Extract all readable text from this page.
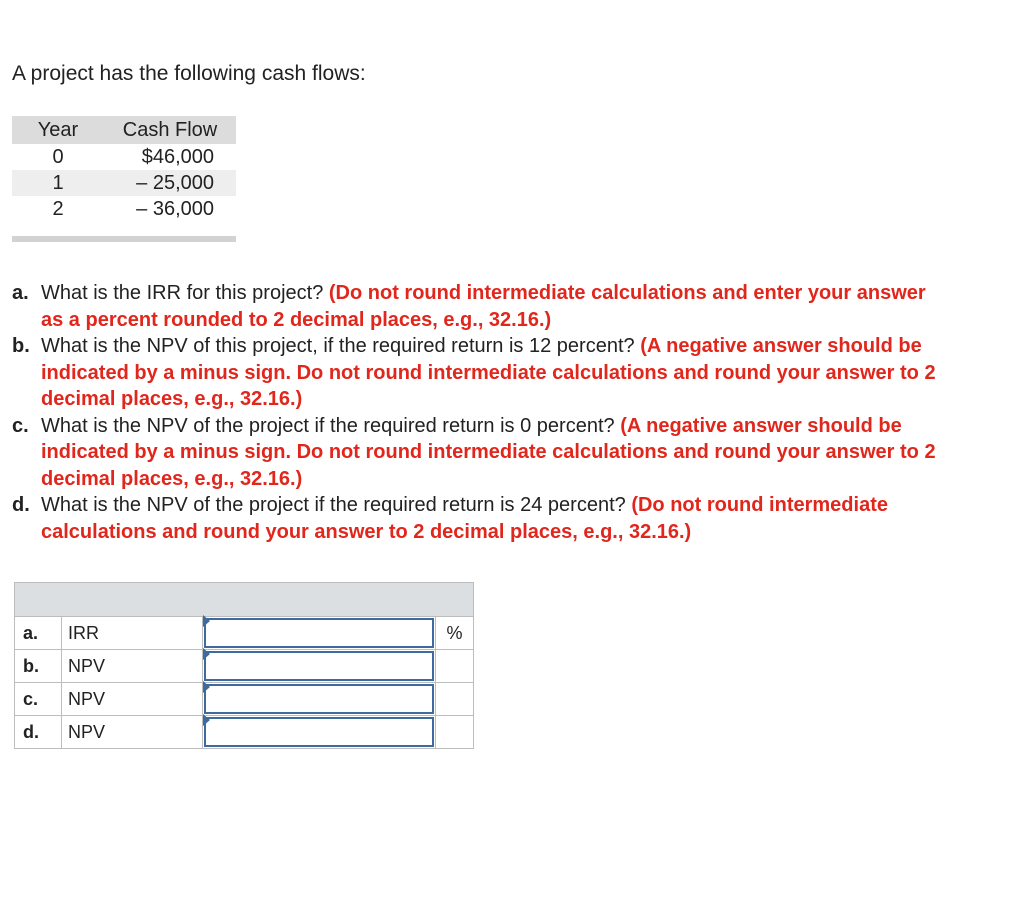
A project has the following cash flows:

Year	Cash Flow
0	$46,000
1	– 25,000
2	– 36,000
a. What is the IRR for this project? (Do not round intermediate calculations and enter your answer as a percent rounded to 2 decimal places, e.g., 32.16.)
b. What is the NPV of this project, if the required return is 12 percent? (A negative answer should be indicated by a minus sign. Do not round intermediate calculations and round your answer to 2 decimal places, e.g., 32.16.)
c. What is the NPV of the project if the required return is 0 percent? (A negative answer should be indicated by a minus sign. Do not round intermediate calculations and round your answer to 2 decimal places, e.g., 32.16.)
d. What is the NPV of the project if the required return is 24 percent? (Do not round intermediate calculations and round your answer to 2 decimal places, e.g., 32.16.)

a.	IRR		%
b.	NPV	

c.	NPV	

d.	NPV	
